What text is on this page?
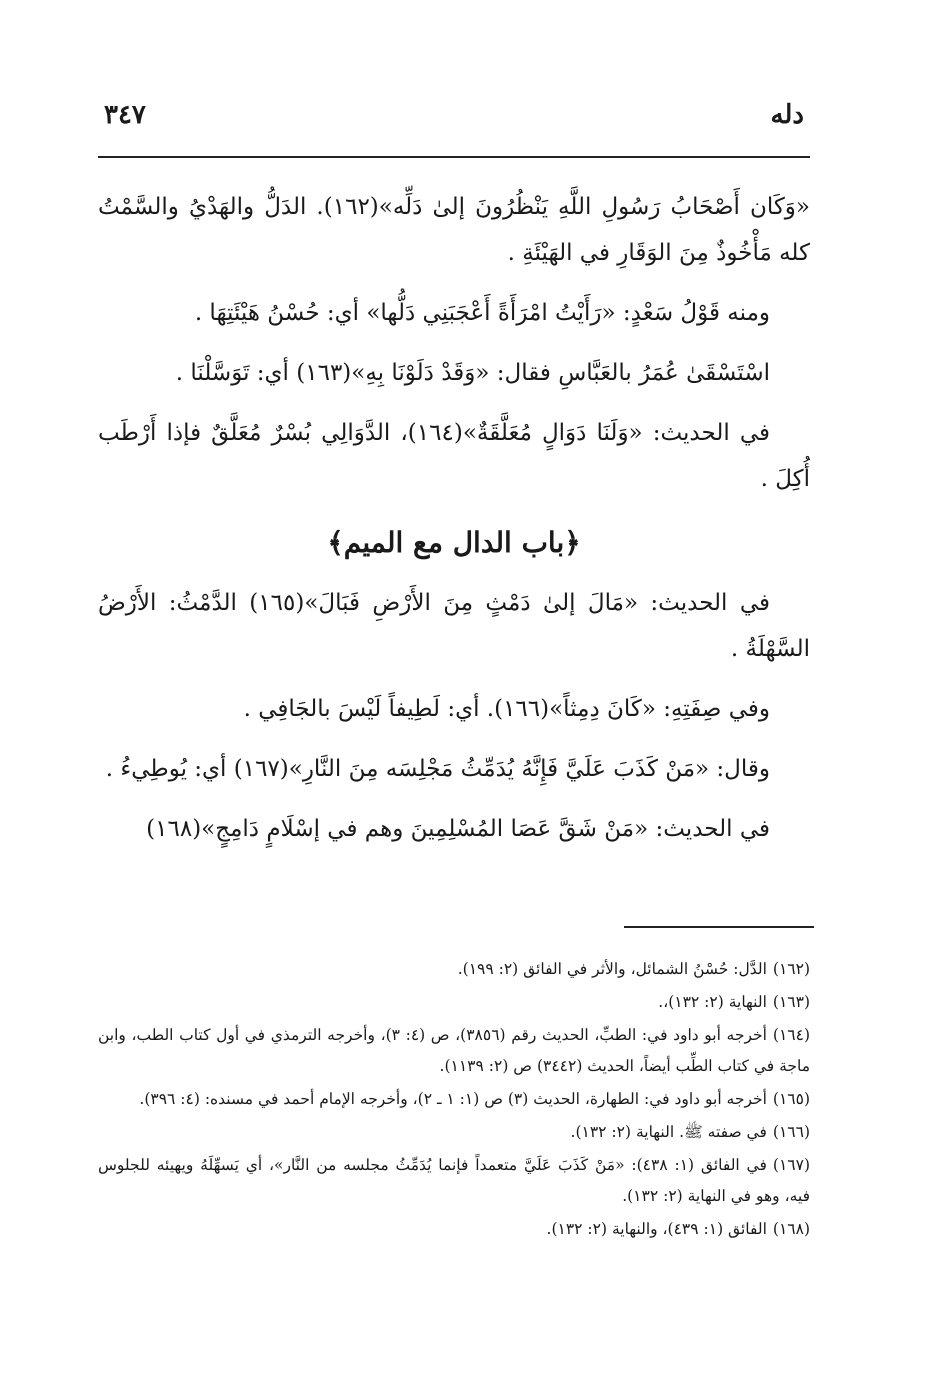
دله
٣٤٧

«وَكَان أَصْحَابُ رَسُولِ اللَّهِ يَنْظُرُونَ إلىٰ دَلِّه»(١٦٢). الدَلُّ والهَدْيُ والسَّمْتُ كله مَأْخُوذٌ مِنَ الوَقَارِ في الهَيْئَةِ .

ومنه قَوْلُ سَعْدٍ: «رَأَيْتُ امْرَأَةً أَعْجَبَنِي دَلُّها» أي: حُسْنُ هَيْئَتِهَا .

اسْتَسْقَىٰ عُمَرُ بالعَبَّاسِ فقال: «وَقَدْ دَلَوْنَا بِهِ»(١٦٣) أي: تَوَسَّلْنَا .

في الحديث: «وَلَنَا دَوَالٍ مُعَلَّقَةٌ»(١٦٤)، الدَّوَالِي بُسْرٌ مُعَلَّقٌ فإذا أَرْطَب أُكِلَ .

﴿باب الدال مع الميم﴾

في الحديث: «مَالَ إلىٰ دَمْثٍ مِنَ الأَرْضِ فَبَالَ»(١٦٥) الدَّمْثُ: الأَرْضُ السَّهْلَةُ .

وفي صِفَتِهِ: «كَانَ دِمِثاً»(١٦٦). أي: لَطِيفاً لَيْسَ بالجَافِي .

وقال: «مَنْ كَذَبَ عَلَيَّ فَإِنَّهُ يُدَمِّثُ مَجْلِسَه مِنَ النَّارِ»(١٦٧) أي: يُوطِيءُ .

في الحديث: «مَنْ شَقَّ عَصَا المُسْلِمِينَ وهم في إسْلَامٍ دَامِجٍ»(١٦٨)

(١٦٢)الدَّل: حُسْنُ الشمائل، والأثر في الفائق (٢: ١٩٩).
(١٦٣)النهاية (٢: ١٣٢)،.
(١٦٤)أخرجه أبو داود في: الطبِّ، الحديث رقم (٣٨٥٦)، ص (٤: ٣)، وأخرجه الترمذي في أول كتاب الطب، وابن ماجة في كتاب الطِّب أيضاً، الحديث (٣٤٤٢) ص (٢: ١١٣٩).
(١٦٥)أخرجه أبو داود في: الطهارة، الحديث (٣) ص (١: ١ ـ ٢)، وأخرجه الإمام أحمد في مسنده: (٤: ٣٩٦).
(١٦٦)في صفته ﷺ. النهاية (٢: ١٣٢).
(١٦٧)في الفائق (١: ٤٣٨): «مَنْ كَذَبَ عَلَيَّ متعمداً فإنما يُدَمِّثُ مجلسه من النَّار»، أي يَسهِّلَهُ ويهيئه للجلوس فيه، وهو في النهاية (٢: ١٣٢).
(١٦٨)الفائق (١: ٤٣٩)، والنهاية (٢: ١٣٢).
